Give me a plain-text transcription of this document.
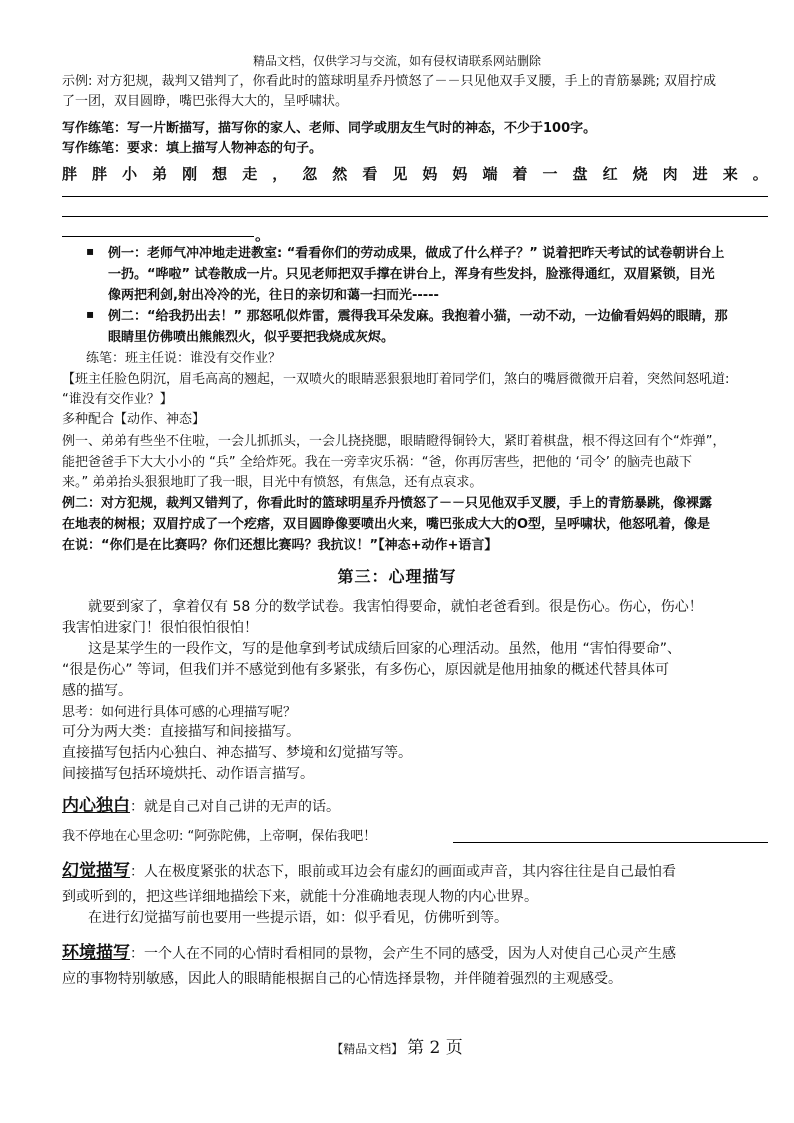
精品文档，仅供学习与交流，如有侵权请联系网站删除
示例: 对方犯规，裁判又错判了，你看此时的篮球明星乔丹愤怒了－－只见他双手叉腰，手上的青筋暴跳; 双眉拧成
了一团，双目圆睁，嘴巴张得大大的，呈呼啸状。
写作练笔：写一片断描写，描写你的家人、老师、同学或朋友生气时的神态，不少于100字。
写作练笔：要求：填上描写人物神态的句子。
胖 胖 小 弟 刚 想 走 ， 忽 然 看 见 妈 妈 端 着 一 盘 红 烧 肉 进 来 。
。
▪ 例一：老师气冲冲地走进教室: “看看你们的劳动成果，做成了什么样子？” 说着把昨天考试的试卷朝讲台上
一扔。“哗啦” 试卷散成一片。只见老师把双手撑在讲台上，浑身有些发抖，脸涨得通红，双眉紧锁，目光
像两把利剑,射出冷冷的光，往日的亲切和蔼一扫而光-----
▪ 例二：“给我扔出去！” 那怒吼似炸雷，震得我耳朵发麻。我抱着小猫，一动不动，一边偷看妈妈的眼睛，那
眼睛里仿佛喷出熊熊烈火，似乎要把我烧成灰烬。
练笔：班主任说：谁没有交作业？
【班主任脸色阴沉，眉毛高高的翘起，一双喷火的眼睛恶狠狠地盯着同学们，煞白的嘴唇微微开启着，突然间怒吼道:
“谁没有交作业？】
多种配合【动作、神态】
例一、弟弟有些坐不住啦，一会儿抓抓头，一会儿挠挠腮，眼睛瞪得铜铃大，紧盯着棋盘，根不得这回有个“炸弹”，
能把爸爸手下大大小小的 “兵” 全给炸死。我在一旁幸灾乐祸：“爸，你再厉害些，把他的 ‘司令’ 的脑壳也敲下
来。” 弟弟抬头狠狠地盯了我一眼，目光中有愤怒，有焦急，还有点哀求。
例二：对方犯规，裁判又错判了，你看此时的篮球明星乔丹愤怒了－－只见他双手叉腰，手上的青筋暴跳，像裸露
在地表的树根；双眉拧成了一个疙瘩，双目圆睁像要喷出火来，嘴巴张成大大的O型，呈呼啸状，他怒吼着，像是
在说：“你们是在比赛吗？你们还想比赛吗？我抗议！”【神态+动作+语言】
第三：心理描写
就要到家了，拿着仅有 58 分的数学试卷。我害怕得要命，就怕老爸看到。很是伤心。伤心，伤心！
我害怕进家门！很怕很怕很怕！
这是某学生的一段作文，写的是他拿到考试成绩后回家的心理活动。虽然，他用 “害怕得要命”、
“很是伤心” 等词，但我们并不感觉到他有多紧张，有多伤心，原因就是他用抽象的概述代替具体可
感的描写。
思考：如何进行具体可感的心理描写呢？
可分为两大类：直接描写和间接描写。
直接描写包括内心独白、神态描写、梦境和幻觉描写等。
间接描写包括环境烘托、动作语言描写。
内心独白：就是自己对自己讲的无声的话。
我不停地在心里念叨: “阿弥陀佛，上帝啊，保佑我吧！
幻觉描写：人在极度紧张的状态下，眼前或耳边会有虚幻的画面或声音，其内容往往是自己最怕看
到或听到的，把这些详细地描绘下来，就能十分准确地表现人物的内心世界。
在进行幻觉描写前也要用一些提示语，如：似乎看见，仿佛听到等。
环境描写：一个人在不同的心情时看相同的景物，会产生不同的感受，因为人对使自己心灵产生感
应的事物特别敏感，因此人的眼睛能根据自己的心情选择景物，并伴随着强烈的主观感受。
【精品文档】 第 2 页
